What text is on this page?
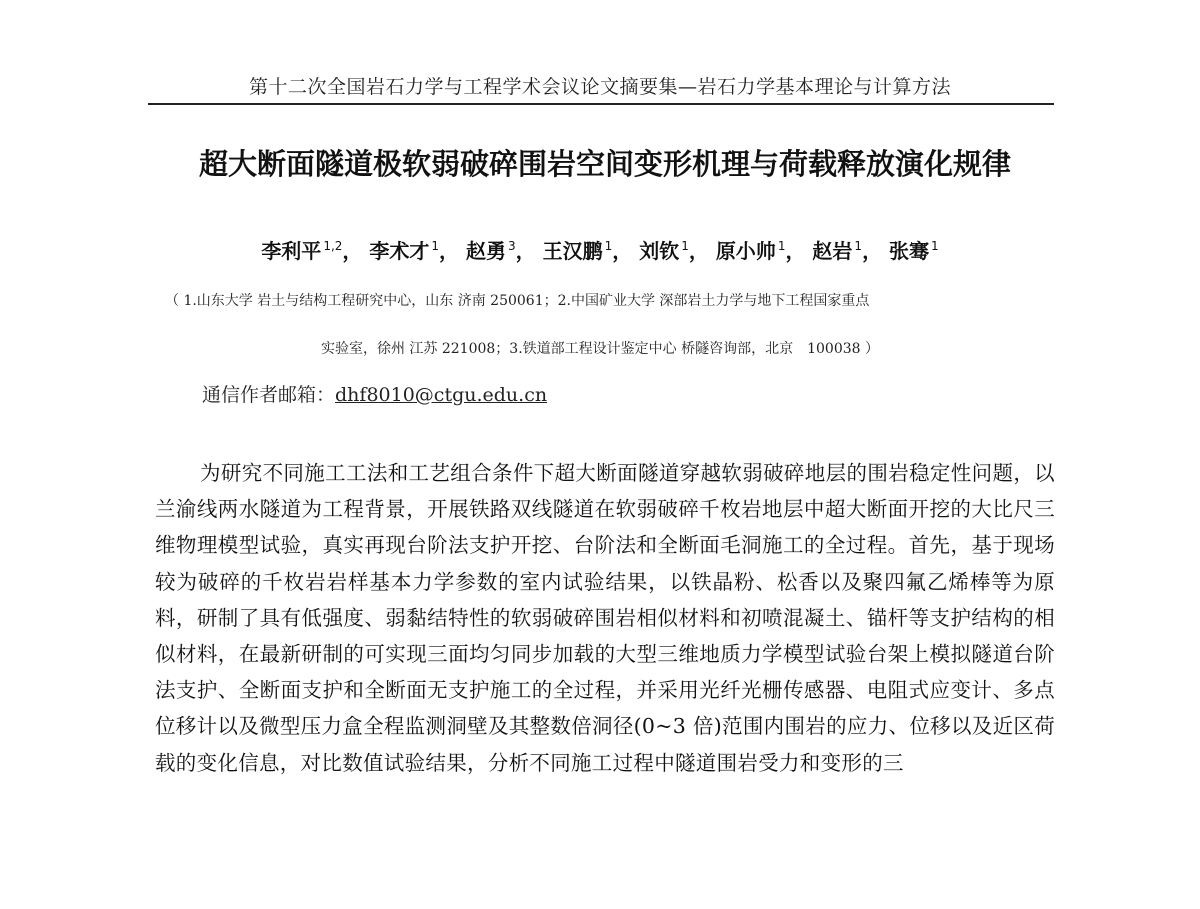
第十二次全国岩石力学与工程学术会议论文摘要集—岩石力学基本理论与计算方法
超大断面隧道极软弱破碎围岩空间变形机理与荷载释放演化规律
李利平 $^{1,2}$， 李术才 $^1$， 赵勇 $^3$， 王汉鹏 $^1$， 刘钦 $^1$， 原小帅 $^1$， 赵岩 $^1$， 张骞 $^1$
（ 1.山东大学 岩土与结构工程研究中心，山东 济南 250061；2.中国矿业大学 深部岩土力学与地下工程国家重点
实验室，徐州 江苏 221008；3.铁道部工程设计鉴定中心 桥隧咨询部，北京　100038 ）
通信作者邮箱：dhf8010@ctgu.edu.cn
为研究不同施工工法和工艺组合条件下超大断面隧道穿越软弱破碎地层的围岩稳定性问题，以兰渝线两水隧道为工程背景，开展铁路双线隧道在软弱破碎千枚岩地层中超大断面开挖的大比尺三维物理模型试验，真实再现台阶法支护开挖、台阶法和全断面毛洞施工的全过程。首先，基于现场较为破碎的千枚岩岩样基本力学参数的室内试验结果，以铁晶粉、松香以及聚四氟乙烯棒等为原料，研制了具有低强度、弱黏结特性的软弱破碎围岩相似材料和初喷混凝土、锚杆等支护结构的相似材料，在最新研制的可实现三面均匀同步加载的大型三维地质力学模型试验台架上模拟隧道台阶法支护、全断面支护和全断面无支护施工的全过程，并采用光纤光栅传感器、电阻式应变计、多点位移计以及微型压力盒全程监测洞壁及其整数倍洞径(0~3 倍)范围内围岩的应力、位移以及近区荷载的变化信息，对比数值试验结果，分析不同施工过程中隧道围岩受力和变形的三
